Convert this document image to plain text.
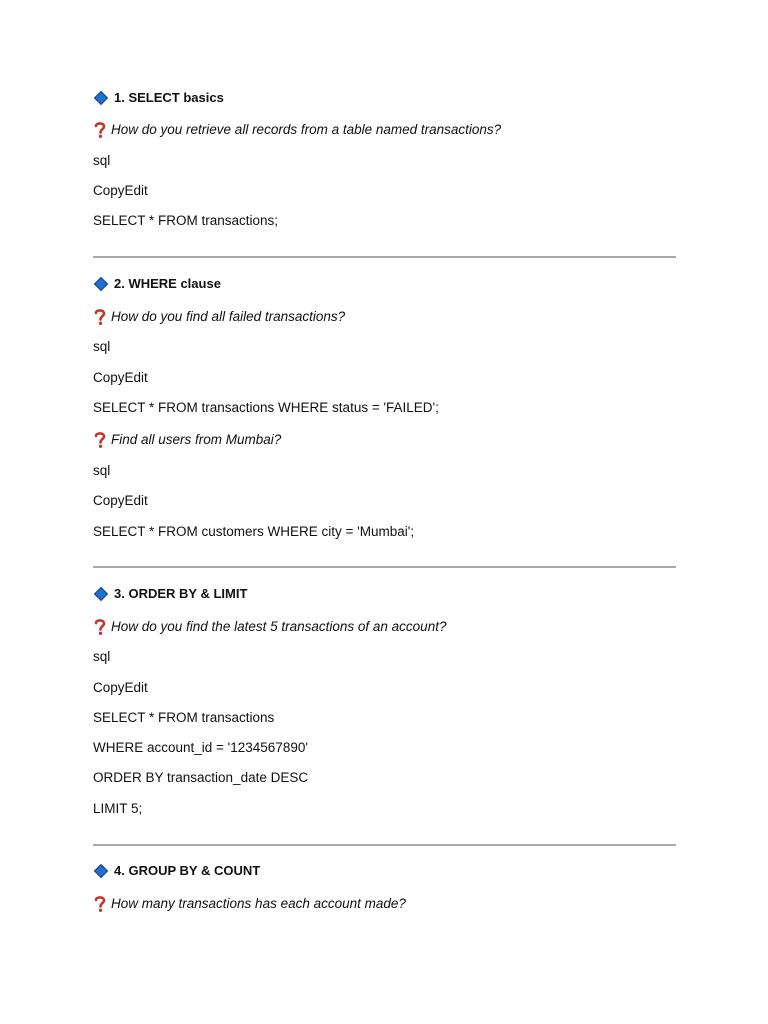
1. SELECT basics
How do you retrieve all records from a table named transactions?
sql
CopyEdit
SELECT * FROM transactions;
2. WHERE clause
How do you find all failed transactions?
sql
CopyEdit
SELECT * FROM transactions WHERE status = 'FAILED';
Find all users from Mumbai?
sql
CopyEdit
SELECT * FROM customers WHERE city = 'Mumbai';
3. ORDER BY & LIMIT
How do you find the latest 5 transactions of an account?
sql
CopyEdit
SELECT * FROM transactions
WHERE account_id = '1234567890'
ORDER BY transaction_date DESC
LIMIT 5;
4. GROUP BY & COUNT
How many transactions has each account made?
